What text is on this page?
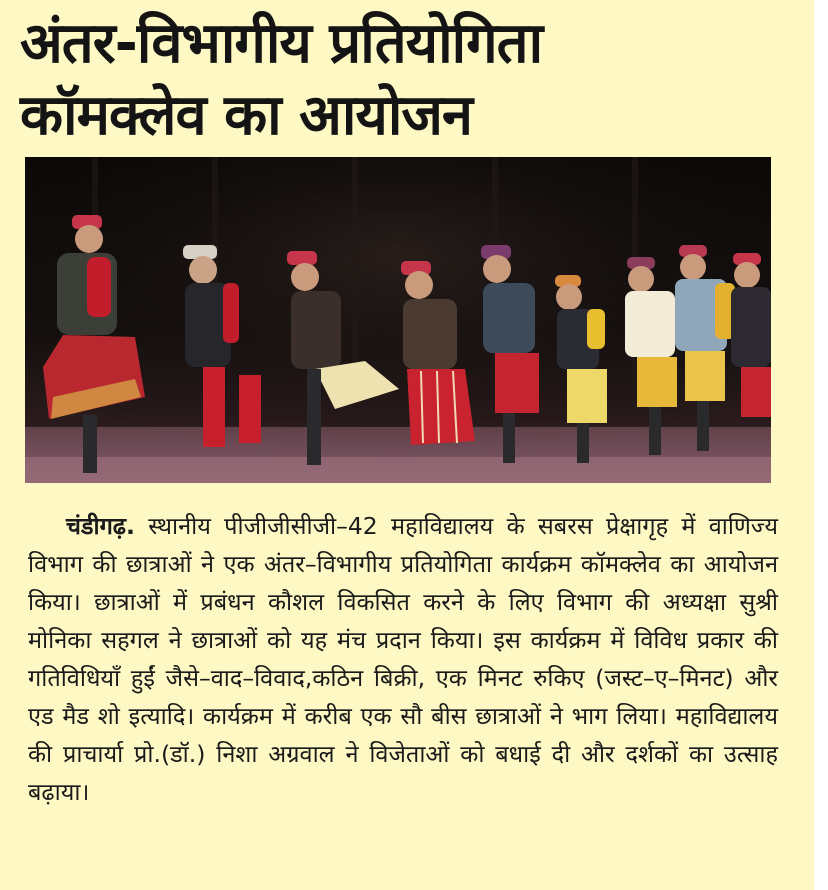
अंतर-विभागीय प्रतियोगिता
कॉमक्लेव का आयोजन

चंडीगढ़. स्थानीय पीजीजीसीजी–42 महाविद्यालय के सबरस प्रेक्षागृह में वाणिज्य विभाग की छात्राओं ने एक अंतर–विभागीय प्रतियोगिता कार्यक्रम कॉमक्लेव का आयोजन किया। छात्राओं में प्रबंधन कौशल विकसित करने के लिए विभाग की अध्यक्षा सुश्री मोनिका सहगल ने छात्राओं को यह मंच प्रदान किया। इस कार्यक्रम में विविध प्रकार की गतिविधियाँ हुईं जैसे–वाद–विवाद,कठिन बिक्री, एक मिनट रुकिए (जस्ट–ए–मिनट) और एड मैड शो इत्यादि। कार्यक्रम में करीब एक सौ बीस छात्राओं ने भाग लिया। महाविद्यालय की प्राचार्या प्रो.(डॉ.) निशा अग्रवाल ने विजेताओं को बधाई दी और दर्शकों का उत्साह बढ़ाया।
